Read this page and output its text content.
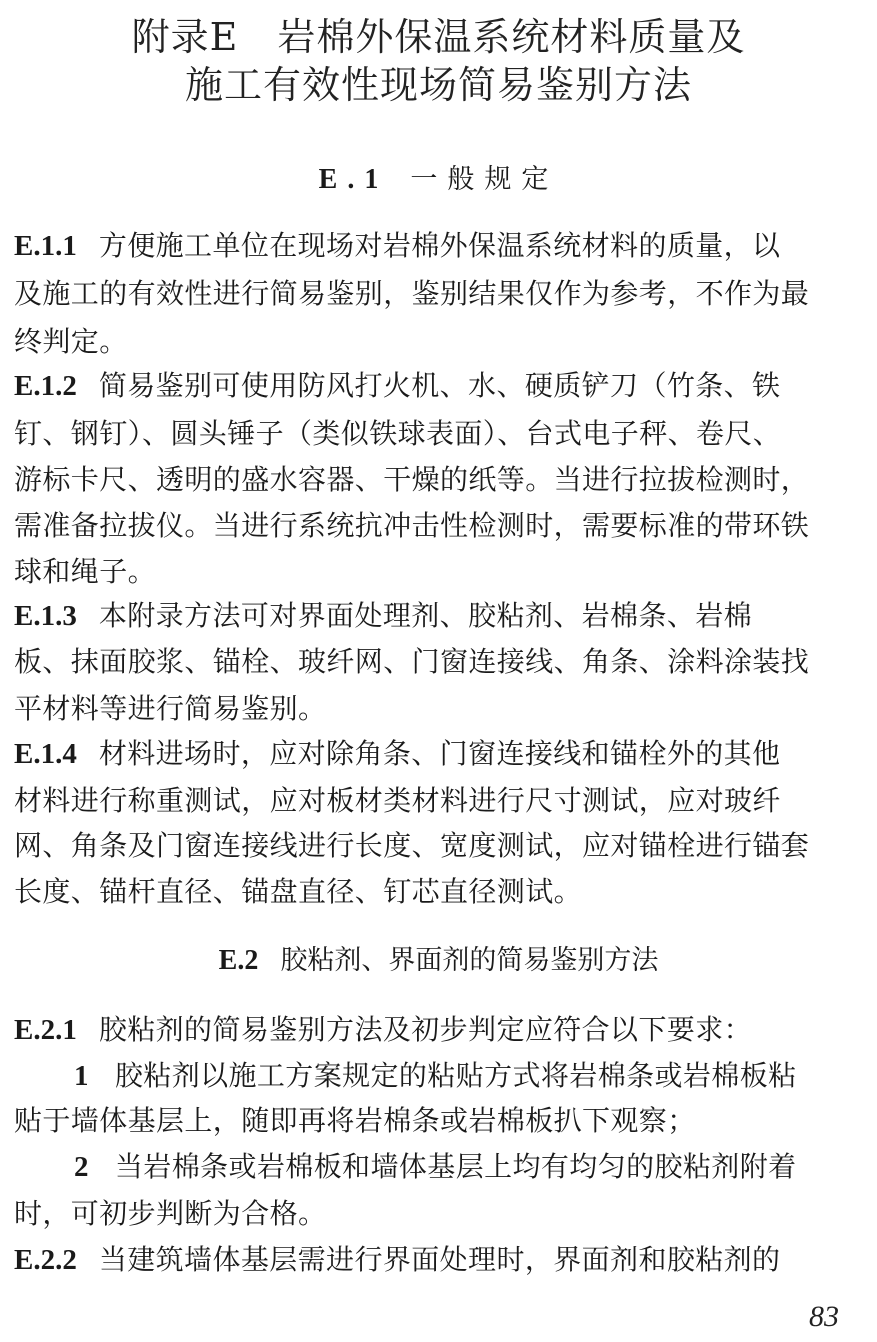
附录E　岩棉外保温系统材料质量及
施工有效性现场简易鉴别方法
E.1 一般规定
E.1.1 方便施工单位在现场对岩棉外保温系统材料的质量，以
及施工的有效性进行简易鉴别，鉴别结果仅作为参考，不作为最
终判定。
E.1.2 简易鉴别可使用防风打火机、水、硬质铲刀（竹条、铁
钉、钢钉）、圆头锤子（类似铁球表面）、台式电子秤、卷尺、
游标卡尺、透明的盛水容器、干燥的纸等。当进行拉拔检测时，
需准备拉拔仪。当进行系统抗冲击性检测时，需要标准的带环铁
球和绳子。
E.1.3 本附录方法可对界面处理剂、胶粘剂、岩棉条、岩棉
板、抹面胶浆、锚栓、玻纤网、门窗连接线、角条、涂料涂装找
平材料等进行简易鉴别。
E.1.4 材料进场时，应对除角条、门窗连接线和锚栓外的其他
材料进行称重测试，应对板材类材料进行尺寸测试，应对玻纤
网、角条及门窗连接线进行长度、宽度测试，应对锚栓进行锚套
长度、锚杆直径、锚盘直径、钉芯直径测试。
E.2 胶粘剂、界面剂的简易鉴别方法
E.2.1 胶粘剂的简易鉴别方法及初步判定应符合以下要求：
1 胶粘剂以施工方案规定的粘贴方式将岩棉条或岩棉板粘
贴于墙体基层上，随即再将岩棉条或岩棉板扒下观察；
2 当岩棉条或岩棉板和墙体基层上均有均匀的胶粘剂附着
时，可初步判断为合格。
E.2.2 当建筑墙体基层需进行界面处理时，界面剂和胶粘剂的
83
